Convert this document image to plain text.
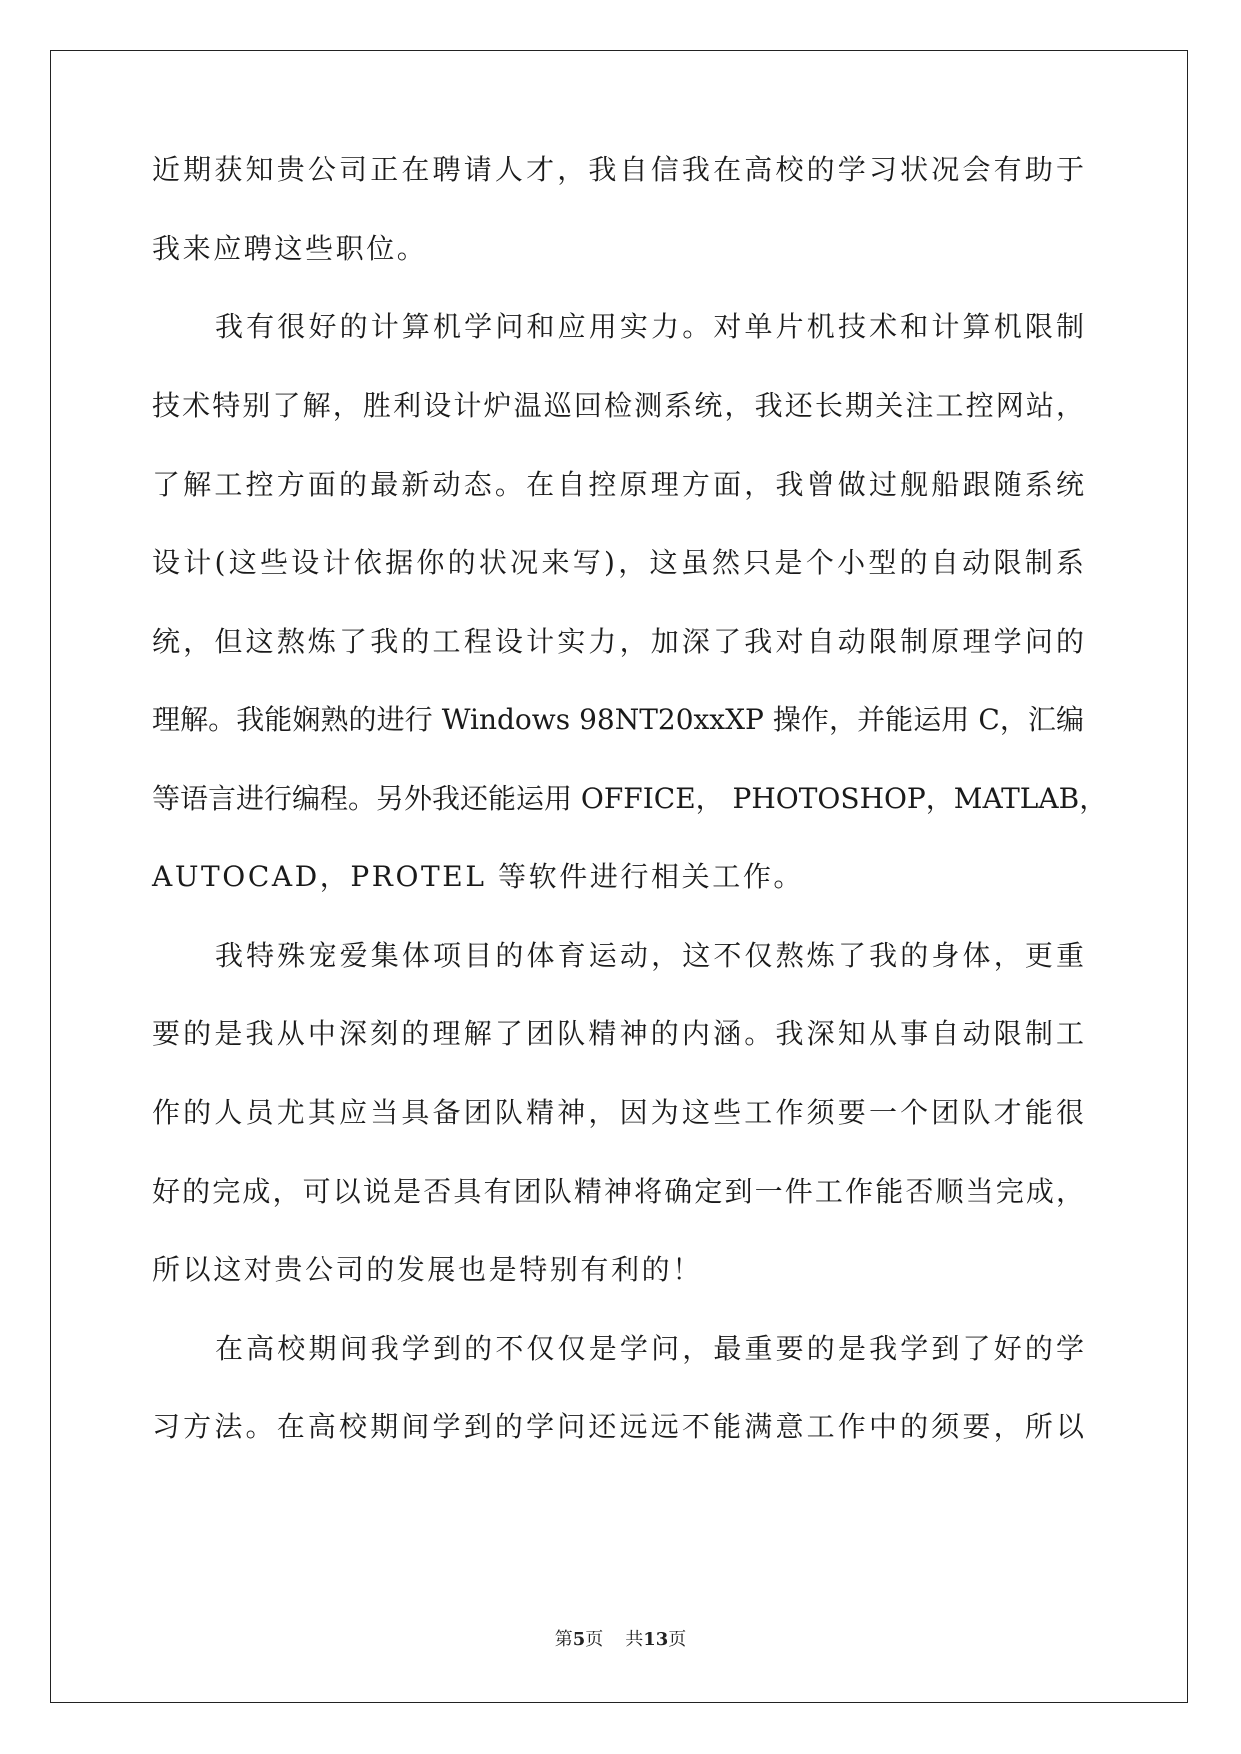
近期获知贵公司正在聘请人才，我自信我在高校的学习状况会有助于
我来应聘这些职位。
我有很好的计算机学问和应用实力。对单片机技术和计算机限制
技术特别了解，胜利设计炉温巡回检测系统，我还长期关注工控网站，
了解工控方面的最新动态。在自控原理方面，我曾做过舰船跟随系统
设计(这些设计依据你的状况来写)，这虽然只是个小型的自动限制系
统，但这熬炼了我的工程设计实力，加深了我对自动限制原理学问的
理解。我能娴熟的进行 Windows 98NT20xxXP 操作，并能运用 C，汇编
等语言进行编程。另外我还能运用 OFFICE， PHOTOSHOP，MATLAB，
AUTOCAD，PROTEL 等软件进行相关工作。
我特殊宠爱集体项目的体育运动，这不仅熬炼了我的身体，更重
要的是我从中深刻的理解了团队精神的内涵。我深知从事自动限制工
作的人员尤其应当具备团队精神，因为这些工作须要一个团队才能很
好的完成，可以说是否具有团队精神将确定到一件工作能否顺当完成，
所以这对贵公司的发展也是特别有利的！
在高校期间我学到的不仅仅是学问，最重要的是我学到了好的学
习方法。在高校期间学到的学问还远远不能满意工作中的须要，所以
第5页 共13页
